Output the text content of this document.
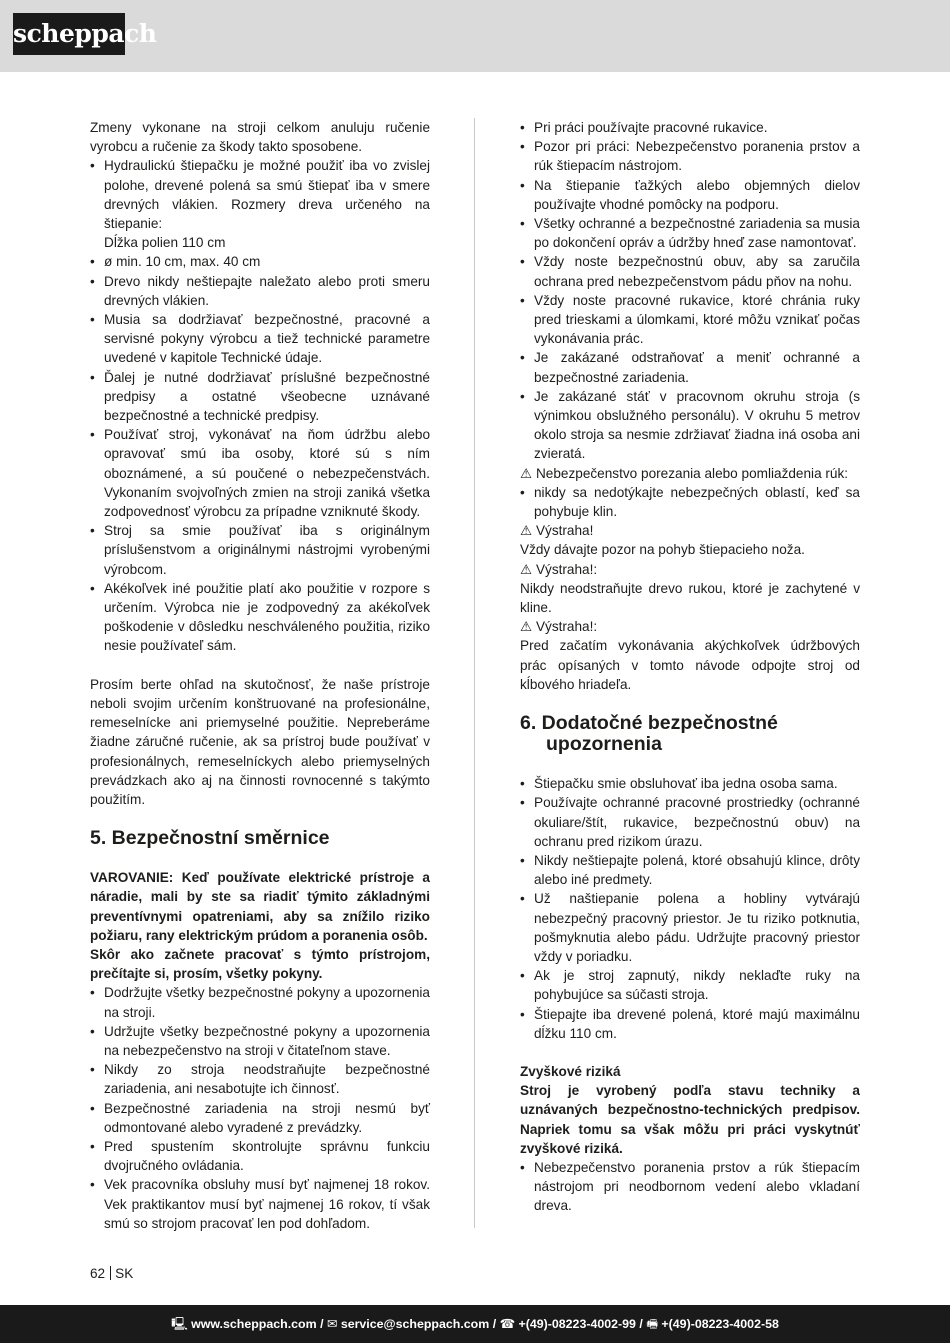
scheppach

Zmeny vykonane na stroji celkom anuluju ručenie vyrobcu a ručenie za škody takto sposobene.

• Hydraulickú štiepačku je možné použiť iba vo zvislej polohe, drevené polená sa smú štiepať iba v smere drevných vlákien. Rozmery dreva určeného na štiepanie:
Dĺžka polien 110 cm
• ø min. 10 cm, max. 40 cm
• Drevo nikdy neštiepajte naležato alebo proti smeru drevných vlákien.
• Musia sa dodržiavať bezpečnostné, pracovné a servisné pokyny výrobcu a tiež technické parametre uvedené v kapitole Technické údaje.
• Ďalej je nutné dodržiavať príslušné bezpečnostné predpisy a ostatné všeobecne uznávané bezpečnostné a technické predpisy.
• Používať stroj, vykonávať na ňom údržbu alebo opravovať smú iba osoby, ktoré sú s ním oboznámené, a sú poučené o nebezpečenstvách. Vykonaním svojvoľných zmien na stroji zaniká všetka zodpovednosť výrobcu za prípadne vzniknuté škody.
• Stroj sa smie používať iba s originálnym príslušenstvom a originálnymi nástrojmi vyrobenými výrobcom.
• Akékoľvek iné použitie platí ako použitie v rozpore s určením. Výrobca nie je zodpovedný za akékoľvek poškodenie v dôsledku neschváleného použitia, riziko nesie používateľ sám.

Prosím berte ohľad na skutočnosť, že naše prístroje neboli svojim určením konštruované na profesionálne, remeselnícke ani priemyselné použitie. Nepreberáme žiadne záručné ručenie, ak sa prístroj bude používať v profesionálnych, remeselníckych alebo priemyselných prevádzkach ako aj na činnosti rovnocenné s takýmto použitím.

5. Bezpečnostní směrnice

VAROVANIE: Keď používate elektrické prístroje a náradie, mali by ste sa riadiť týmito základnými preventívnymi opatreniami, aby sa znížilo riziko požiaru, rany elektrickým prúdom a poranenia osôb.

Skôr ako začnete pracovať s týmto prístrojom, prečítajte si, prosím, všetky pokyny.

• Dodržujte všetky bezpečnostné pokyny a upozornenia na stroji.
• Udržujte všetky bezpečnostné pokyny a upozornenia na nebezpečenstvo na stroji v čitateľnom stave.
• Nikdy zo stroja neodstraňujte bezpečnostné zariadenia, ani nesabotujte ich činnosť.
• Bezpečnostné zariadenia na stroji nesmú byť odmontované alebo vyradené z prevádzky.
• Pred spustením skontrolujte správnu funkciu dvojručného ovládania.
• Vek pracovníka obsluhy musí byť najmenej 18 rokov. Vek praktikantov musí byť najmenej 16 rokov, tí však smú so strojom pracovať len pod dohľadom.
• Pri práci používajte pracovné rukavice.
• Pozor pri práci: Nebezpečenstvo poranenia prstov a rúk štiepacím nástrojom.
• Na štiepanie ťažkých alebo objemných dielov používajte vhodné pomôcky na podporu.
• Všetky ochranné a bezpečnostné zariadenia sa musia po dokončení opráv a údržby hneď zase namontovať.
• Vždy noste bezpečnostnú obuv, aby sa zaručila ochrana pred nebezpečenstvom pádu pňov na nohu.
• Vždy noste pracovné rukavice, ktoré chránia ruky pred trieskami a úlomkami, ktoré môžu vznikať počas vykonávania prác.
• Je zakázané odstraňovať a meniť ochranné a bezpečnostné zariadenia.
• Je zakázané stáť v pracovnom okruhu stroja (s výnimkou obslužného personálu). V okruhu 5 metrov okolo stroja sa nesmie zdržiavať žiadna iná osoba ani zvieratá.

⚠ Nebezpečenstvo porezania alebo pomliaždenia rúk:

• nikdy sa nedotýkajte nebezpečných oblastí, keď sa pohybuje klin.

⚠ Výstraha!

Vždy dávajte pozor na pohyb štiepacieho noža.

⚠ Výstraha!:

Nikdy neodstraňujte drevo rukou, ktoré je zachytené v kline.

⚠ Výstraha!:

Pred začatím vykonávania akýchkoľvek údržbových prác opísaných v tomto návode odpojte stroj od kĺbového hriadeľa.

6. Dodatočné bezpečnostné upozornenia
• Štiepačku smie obsluhovať iba jedna osoba sama.
• Používajte ochranné pracovné prostriedky (ochranné okuliare/štít, rukavice, bezpečnostnú obuv) na ochranu pred rizikom úrazu.
• Nikdy neštiepajte polená, ktoré obsahujú klince, drôty alebo iné predmety.
• Už naštiepanie polena a hobliny vytvárajú nebezpečný pracovný priestor. Je tu riziko potknutia, pošmyknutia alebo pádu. Udržujte pracovný priestor vždy v poriadku.
• Ak je stroj zapnutý, nikdy neklaďte ruky na pohybujúce sa súčasti stroja.
• Štiepajte iba drevené polená, ktoré majú maximálnu dĺžku 110 cm.

Zvyškové riziká

Stroj je vyrobený podľa stavu techniky a uznávaných bezpečnostno-technických predpisov. Napriek tomu sa však môžu pri práci vyskytnúť zvyškové riziká.

• Nebezpečenstvo poranenia prstov a rúk štiepacím nástrojom pri neodbornom vedení alebo vkladaní dreva.
62 SK
🖳 www.scheppach.com / ✉ service@scheppach.com / ☎ +(49)-08223-4002-99 / 🖷 +(49)-08223-4002-58
